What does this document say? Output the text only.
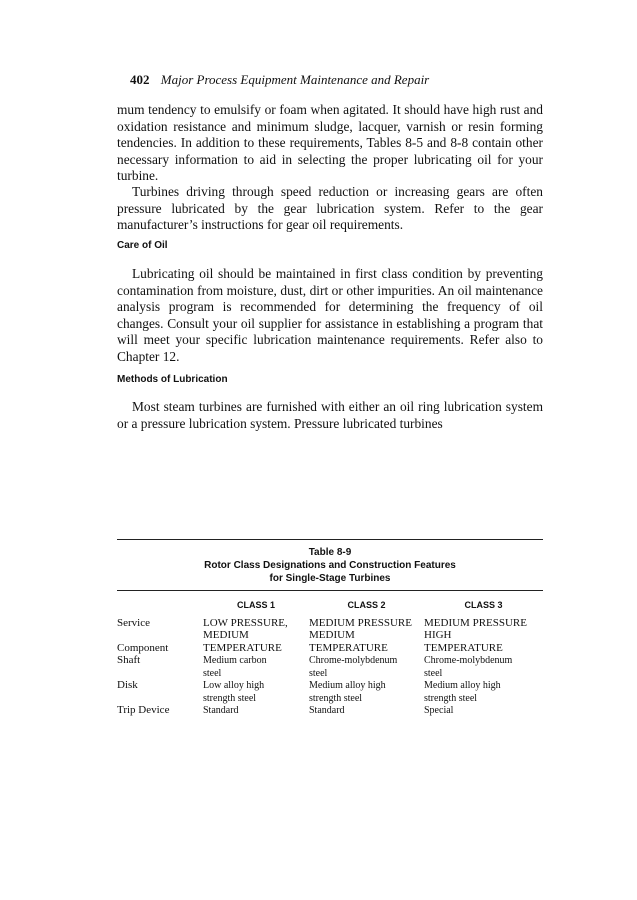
402 Major Process Equipment Maintenance and Repair

mum tendency to emulsify or foam when agitated. It should have high rust and oxidation resistance and minimum sludge, lacquer, varnish or resin forming tendencies. In addition to these requirements, Tables 8-5 and 8-8 contain other necessary information to aid in selecting the proper lubricating oil for your turbine.

Turbines driving through speed reduction or increasing gears are often pressure lubricated by the gear lubrication system. Refer to the gear manufacturer’s instructions for gear oil requirements.

Care of Oil

Lubricating oil should be maintained in first class condition by preventing contamination from moisture, dust, dirt or other impurities. An oil maintenance analysis program is recommended for determining the frequency of oil changes. Consult your oil supplier for assistance in establishing a program that will meet your specific lubrication maintenance requirements. Refer also to Chapter 12.

Methods of Lubrication

Most steam turbines are furnished with either an oil ring lubrication system or a pressure lubrication system. Pressure lubricated turbines

Table 8-9
Rotor Class Designations and Construction Features
for Single-Stage Turbines
	CLASS 1	CLASS 2	CLASS 3
Service	LOW PRESSURE,	MEDIUM PRESSURE	MEDIUM PRESSURE
	MEDIUM	MEDIUM	HIGH
Component	TEMPERATURE	TEMPERATURE	TEMPERATURE
Shaft	Medium carbon	Chrome-molybdenum	Chrome-molybdenum
	steel	steel	steel
Disk	Low alloy high	Medium alloy high	Medium alloy high
	strength steel	strength steel	strength steel
Trip Device	Standard	Standard	Special
